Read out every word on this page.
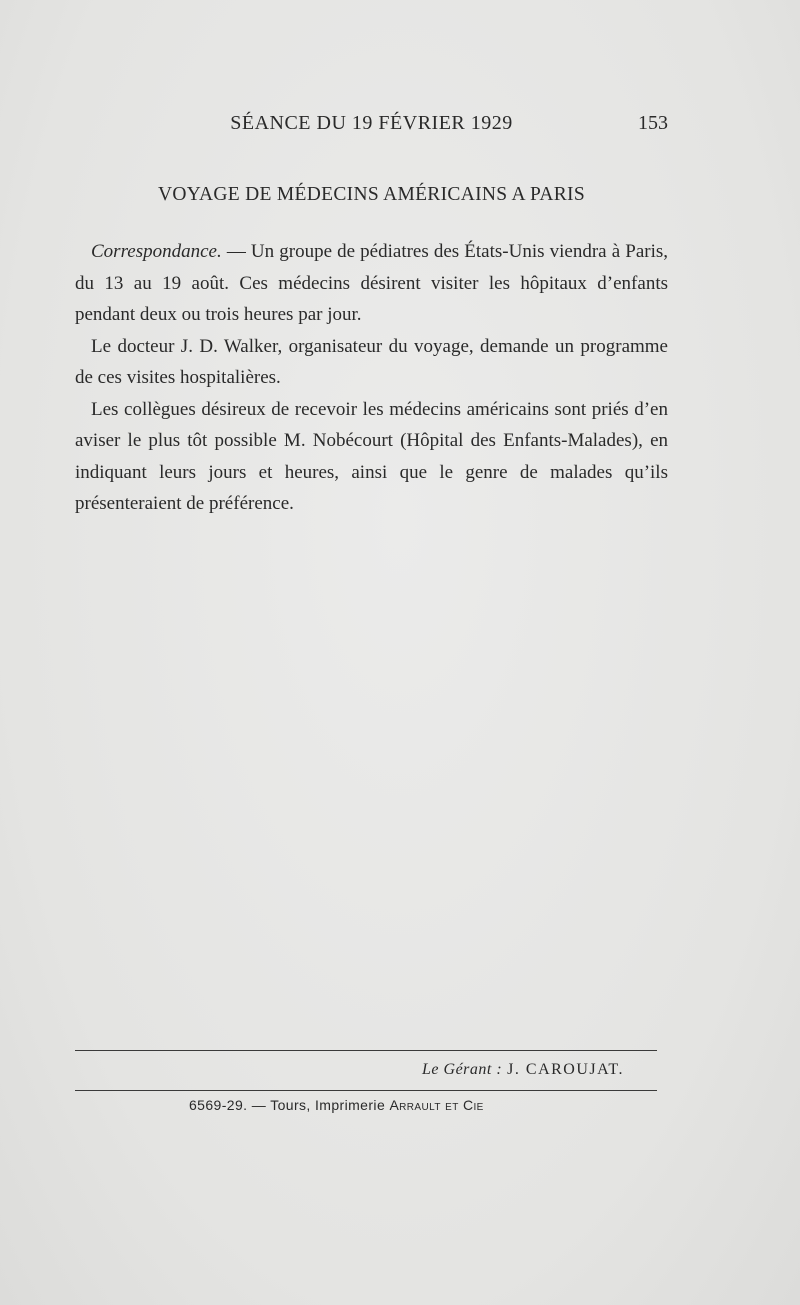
SÉANCE DU 19 FÉVRIER 1929	153
VOYAGE DE MÉDECINS AMÉRICAINS A PARIS

Correspondance. — Un groupe de pédiatres des États-Unis viendra à Paris, du 13 au 19 août. Ces médecins désirent visiter les hôpitaux d’enfants pendant deux ou trois heures par jour.

Le docteur J. D. Walker, organisateur du voyage, demande un programme de ces visites hospitalières.

Les collègues désireux de recevoir les médecins américains sont priés d’en aviser le plus tôt possible M. Nobécourt (Hôpital des Enfants-Malades), en indiquant leurs jours et heures, ainsi que le genre de malades qu’ils présenteraient de préférence.

Le Gérant : J. CAROUJAT.
6569-29. — Tours, Imprimerie Arrault et Cie
